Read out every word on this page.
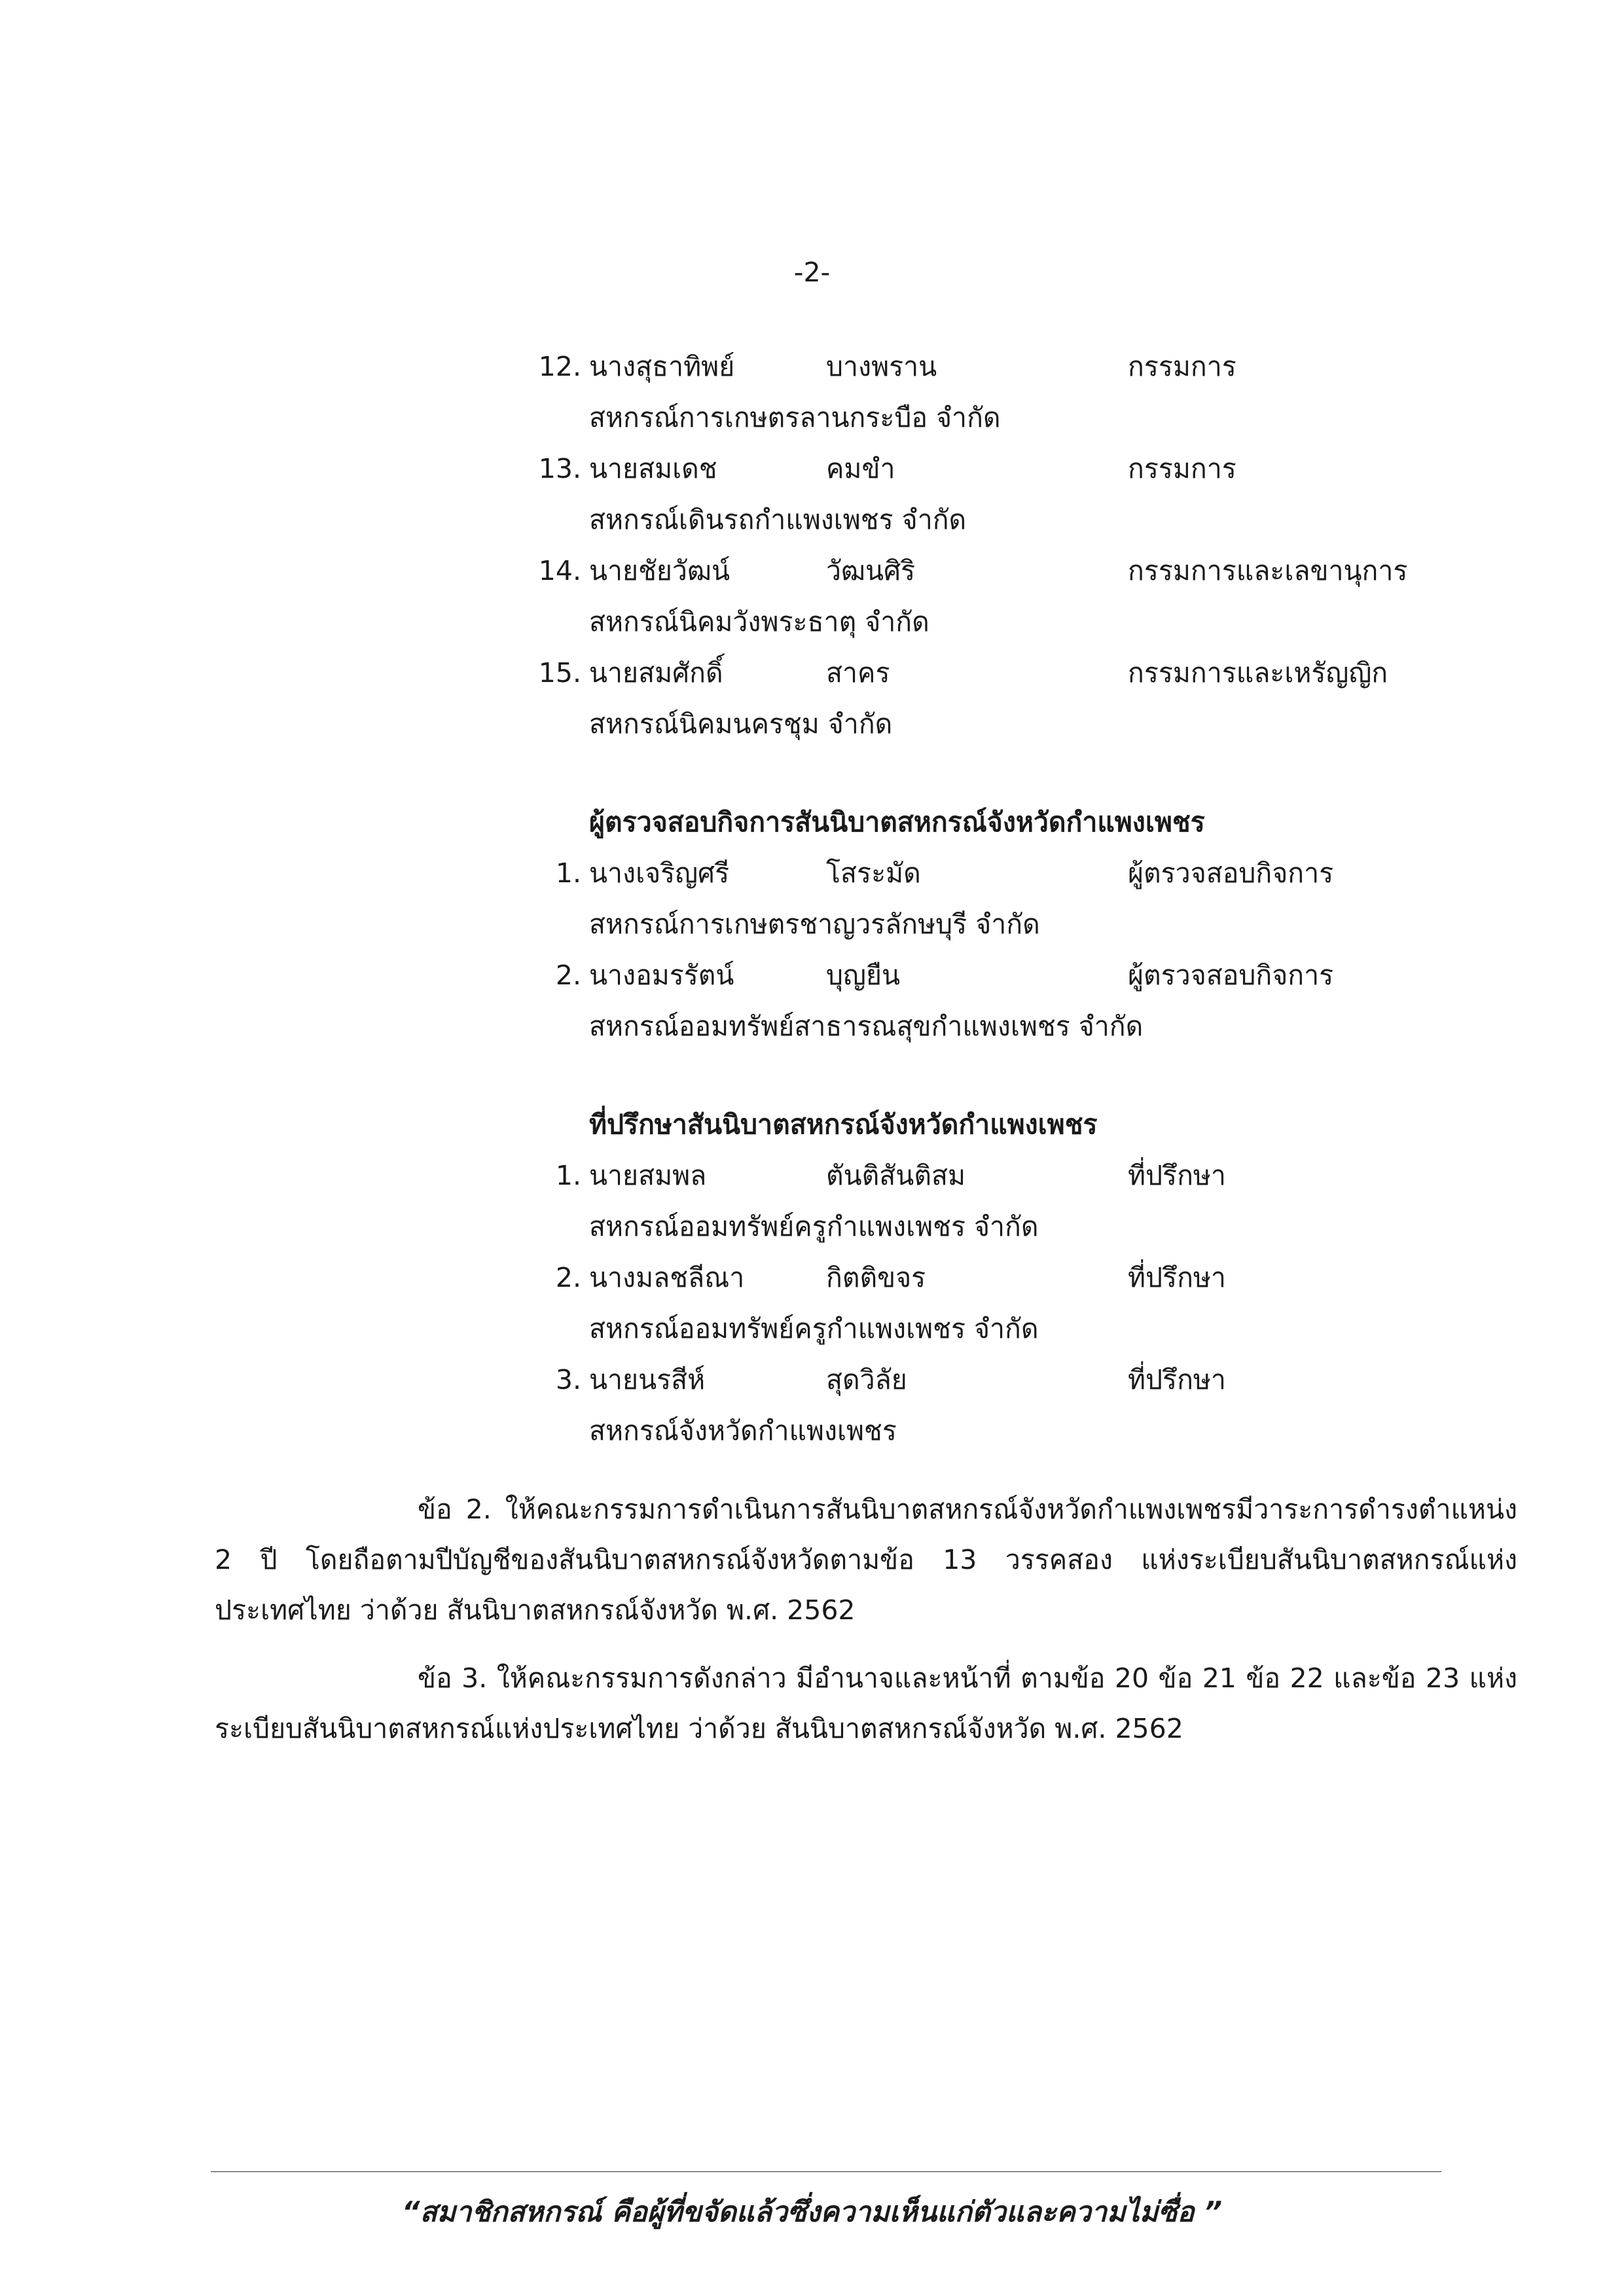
-2-
12. นางสุธาทิพย์	บางพราน	กรรมการ
สหกรณ์การเกษตรลานกระบือ จำกัด
13. นายสมเดช	คมขำ	กรรมการ
สหกรณ์เดินรถกำแพงเพชร จำกัด
14. นายชัยวัฒน์	วัฒนศิริ	กรรมการและเลขานุการ
สหกรณ์นิคมวังพระธาตุ จำกัด
15. นายสมศักดิ์	สาคร	กรรมการและเหรัญญิก
สหกรณ์นิคมนครชุม จำกัด
ผู้ตรวจสอบกิจการสันนิบาตสหกรณ์จังหวัดกำแพงเพชร
1. นางเจริญศรี	โสระมัด	ผู้ตรวจสอบกิจการ
สหกรณ์การเกษตรชาญวรลักษบุรี จำกัด
2. นางอมรรัตน์	บุญยืน	ผู้ตรวจสอบกิจการ
สหกรณ์ออมทรัพย์สาธารณสุขกำแพงเพชร จำกัด
ที่ปรึกษาสันนิบาตสหกรณ์จังหวัดกำแพงเพชร
1. นายสมพล	ตันติสันติสม	ที่ปรึกษา
สหกรณ์ออมทรัพย์ครูกำแพงเพชร จำกัด
2. นางมลชลีณา	กิตติขจร	ที่ปรึกษา
สหกรณ์ออมทรัพย์ครูกำแพงเพชร จำกัด
3. นายนรสีห์	สุดวิลัย	ที่ปรึกษา
สหกรณ์จังหวัดกำแพงเพชร

ข้อ 2. ให้คณะกรรมการดำเนินการสันนิบาตสหกรณ์จังหวัดกำแพงเพชรมีวาระการดำรงตำแหน่ง 2 ปี โดยถือตามปีบัญชีของสันนิบาตสหกรณ์จังหวัดตามข้อ 13 วรรคสอง แห่งระเบียบสันนิบาตสหกรณ์แห่งประเทศไทย ว่าด้วย สันนิบาตสหกรณ์จังหวัด พ.ศ. 2562

ข้อ 3. ให้คณะกรรมการดังกล่าว มีอำนาจและหน้าที่ ตามข้อ 20 ข้อ 21 ข้อ 22 และข้อ 23 แห่งระเบียบสันนิบาตสหกรณ์แห่งประเทศไทย ว่าด้วย สันนิบาตสหกรณ์จังหวัด พ.ศ. 2562

“สมาชิกสหกรณ์ คือผู้ที่ขจัดแล้วซึ่งความเห็นแก่ตัวและความไม่ซื่อ ”
